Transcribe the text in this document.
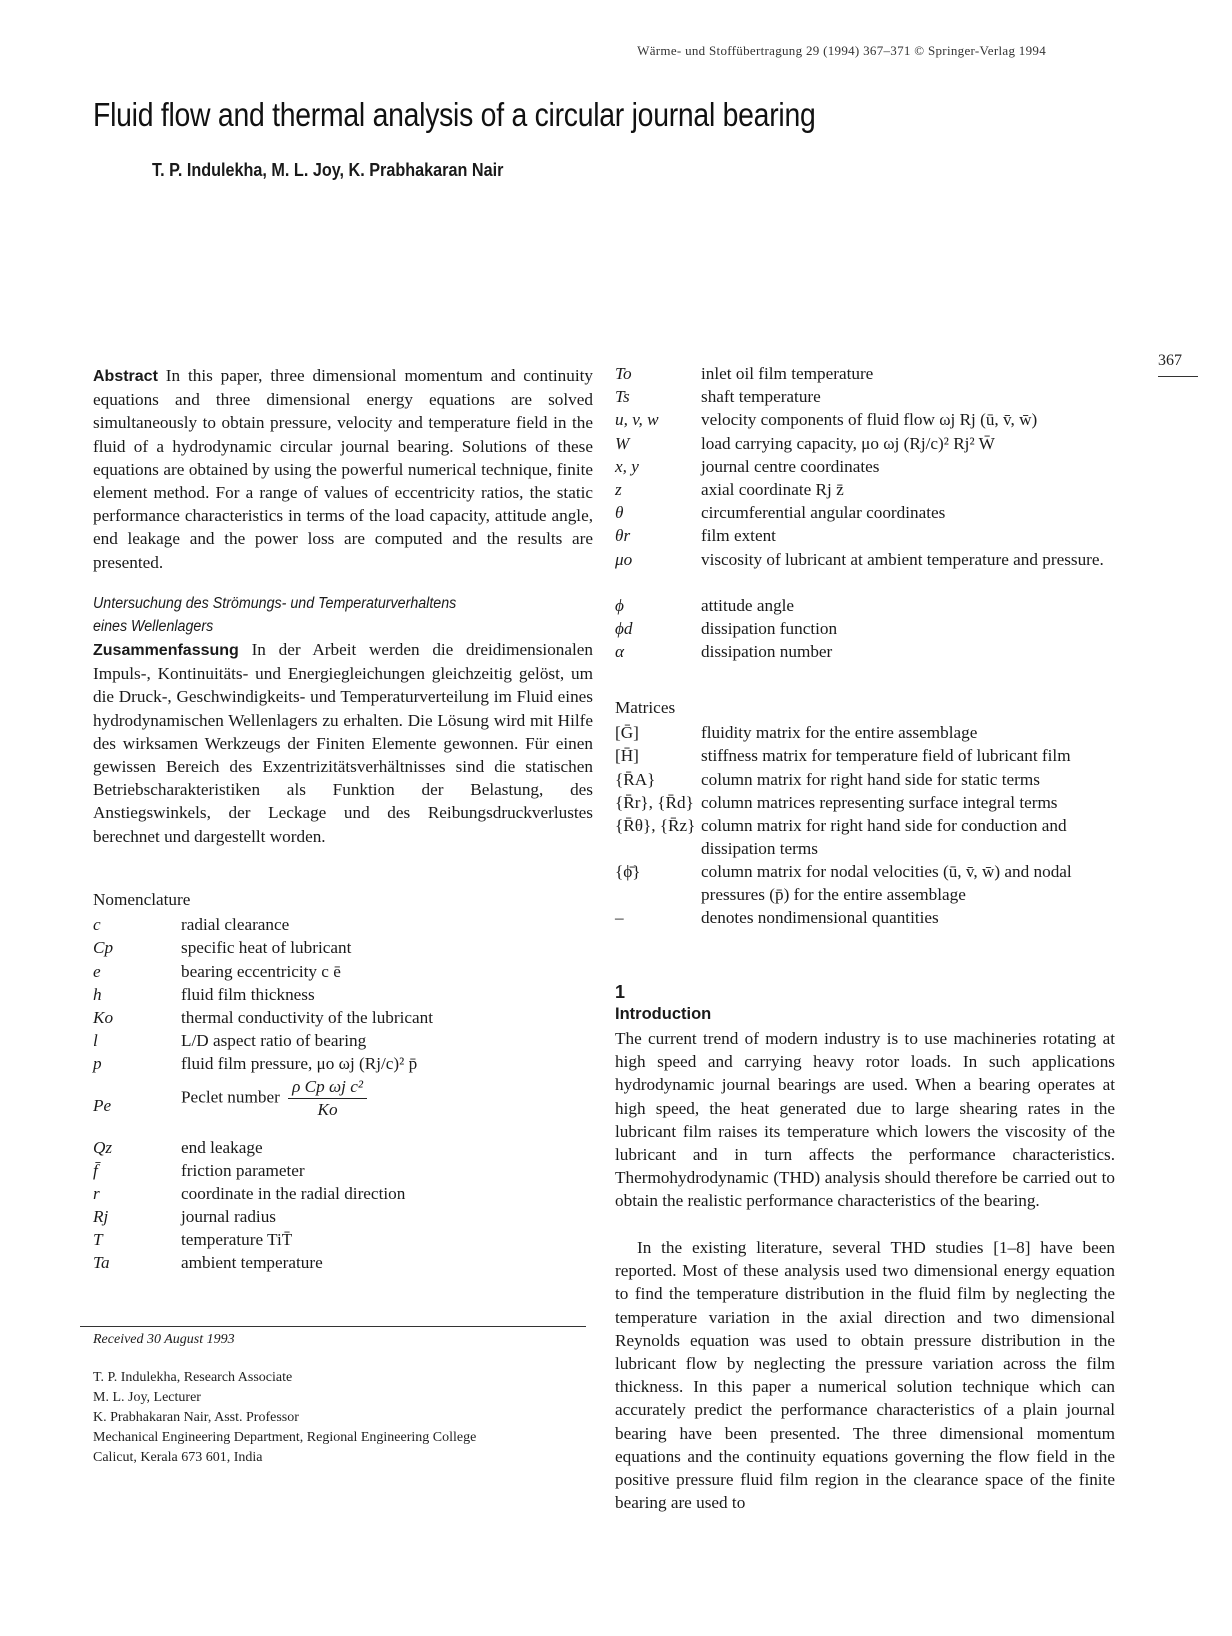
Wärme- und Stoffübertragung 29 (1994) 367–371 © Springer-Verlag 1994
Fluid flow and thermal analysis of a circular journal bearing
T. P. Indulekha, M. L. Joy, K. Prabhakaran Nair
367

Abstract In this paper, three dimensional momentum and continuity equations and three dimensional energy equations are solved simultaneously to obtain pressure, velocity and temperature field in the fluid of a hydrodynamic circular journal bearing. Solutions of these equations are obtained by using the powerful numerical technique, finite element method. For a range of values of eccentricity ratios, the static performance characteristics in terms of the load capacity, attitude angle, end leakage and the power loss are computed and the results are presented.

Untersuchung des Strömungs- und Temperaturverhaltens
eines Wellenlagers

Zusammenfassung In der Arbeit werden die dreidimensionalen Impuls-, Kontinuitäts- und Energiegleichungen gleichzeitig gelöst, um die Druck-, Geschwindigkeits- und Temperaturverteilung im Fluid eines hydrodynamischen Wellenlagers zu erhalten. Die Lösung wird mit Hilfe des wirksamen Werkzeugs der Finiten Elemente gewonnen. Für einen gewissen Bereich des Exzentrizitätsverhältnisses sind die statischen Betriebscharakteristiken als Funktion der Belastung, des Anstiegswinkels, der Leckage und des Reibungsdruckverlustes berechnet und dargestellt worden.

Nomenclature
c	radial clearance
Cp	specific heat of lubricant
e	bearing eccentricity c ē
h	fluid film thickness
Ko	thermal conductivity of the lubricant
l	L/D aspect ratio of bearing
p	fluid film pressure, μo ωj (Rj/c)² p̄
Pe	Peclet number $\frac{\text{ρ Cp ωj c²}}{Ko}$
Qz	end leakage
f̄	friction parameter
r	coordinate in the radial direction
Rj	journal radius
T	temperature TiT̄
Ta	ambient temperature
To	inlet oil film temperature
Ts	shaft temperature
u, v, w velocity components of fluid flow ωj Rj (ū, v̄, w̄)
W	load carrying capacity, μo ωj (Rj/c)² Rj² W̄
x, y	journal centre coordinates
z	axial coordinate Rj z̄
θ	circumferential angular coordinates
θr	film extent
μo	viscosity of lubricant at ambient temperature and pressure.
ϕ	attitude angle
ϕd	dissipation function
α	dissipation number
Matrices
[Ḡ]	fluidity matrix for the entire assemblage
[H̄]	stiffness matrix for temperature field of lubricant film
{R̄A}	column matrix for right hand side for static terms
{R̄r}, {R̄d} column matrices representing surface integral terms
{R̄θ}, {R̄z} column matrix for right hand side for conduction and dissipation terms
{ϕ̄}	column matrix for nodal velocities (ū, v̄, w̄) and nodal pressures (p̄) for the entire assemblage
–	denotes nondimensional quantities
1
Introduction

The current trend of modern industry is to use machineries rotating at high speed and carrying heavy rotor loads. In such applications hydrodynamic journal bearings are used. When a bearing operates at high speed, the heat generated due to large shearing rates in the lubricant film raises its temperature which lowers the viscosity of the lubricant and in turn affects the performance characteristics. Thermohydrodynamic (THD) analysis should therefore be carried out to obtain the realistic performance characteristics of the bearing.

In the existing literature, several THD studies [1–8] have been reported. Most of these analysis used two dimensional energy equation to find the temperature distribution in the fluid film by neglecting the temperature variation in the axial direction and two dimensional Reynolds equation was used to obtain pressure distribution in the lubricant flow by neglecting the pressure variation across the film thickness. In this paper a numerical solution technique which can accurately predict the performance characteristics of a plain journal bearing have been presented. The three dimensional momentum equations and the continuity equations governing the flow field in the positive pressure fluid film region in the clearance space of the finite bearing are used to

Received 30 August 1993
T. P. Indulekha, Research Associate
M. L. Joy, Lecturer
K. Prabhakaran Nair, Asst. Professor
Mechanical Engineering Department, Regional Engineering College
Calicut, Kerala 673 601, India
